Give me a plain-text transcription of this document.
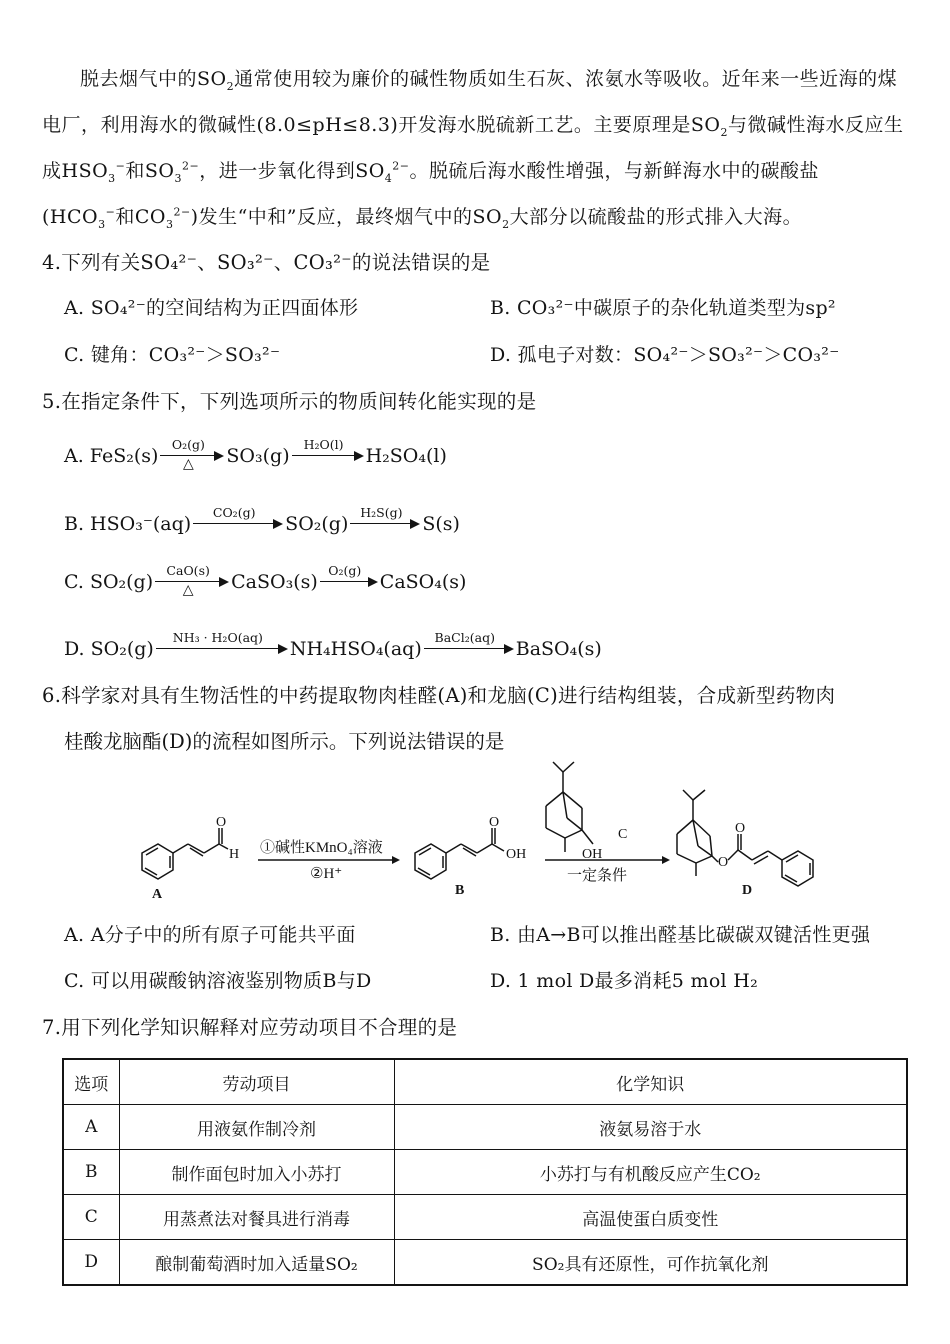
脱去烟气中的$SO_2$通常使用较为廉价的碱性物质如生石灰、浓氨水等吸收。近年来一些近海的煤电厂，利用海水的微碱性(8.0≤pH≤8.3)开发海水脱硫新工艺。主要原理是$SO_2$与微碱性海水反应生成$HSO_3^-$和$SO_3^{2-}$，进一步氧化得到$SO_4^{2-}$。脱硫后海水酸性增强，与新鲜海水中的碳酸盐($HCO_3^-$和$CO_3^{2-}$)发生“中和”反应，最终烟气中的$SO_2$大部分以硫酸盐的形式排入大海。
4.下列有关SO₄²⁻、SO₃²⁻、CO₃²⁻的说法错误的是
A. SO₄²⁻的空间结构为正四面体形	B. CO₃²⁻中碳原子的杂化轨道类型为sp²
C. 键角：CO₃²⁻＞SO₃²⁻	D. 孤电子对数：SO₄²⁻＞SO₃²⁻＞CO₃²⁻
5.在指定条件下，下列选项所示的物质间转化能实现的是
A. FeS₂(s)
O₂(g)
△	SO₃(g)
H₂O(l)
H₂SO₄(l)
B. HSO₃⁻(aq)
CO₂(g)
SO₂(g)
H₂S(g)
S(s)
C. SO₂(g)
CaO(s)
△	CaSO₃(s)
O₂(g)
CaSO₄(s)
D. SO₂(g)
NH₃ · H₂O(aq)
NH₄HSO₄(aq)
BaCl₂(aq)
BaSO₄(s)
6.科学家对具有生物活性的中药提取物肉桂醛(A)和龙脑(C)进行结构组装，合成新型药物肉
桂酸龙脑酯(D)的流程如图所示。下列说法错误的是
O
H
A
O
OH
B
OH
C	O
O
D
①碱性KMnO₄溶液
②H⁺	一定条件
A. A分子中的所有原子可能共平面	B. 由A→B可以推出醛基比碳碳双键活性更强
C. 可以用碳酸钠溶液鉴别物质B与D	D. 1 mol D最多消耗5 mol H₂
7.用下列化学知识解释对应劳动项目不合理的是
选项	劳动项目	化学知识
A	用液氨作制冷剂	液氨易溶于水
B	制作面包时加入小苏打	小苏打与有机酸反应产生CO₂
C	用蒸煮法对餐具进行消毒	高温使蛋白质变性
D	酿制葡萄酒时加入适量SO₂	SO₂具有还原性，可作抗氧化剂
